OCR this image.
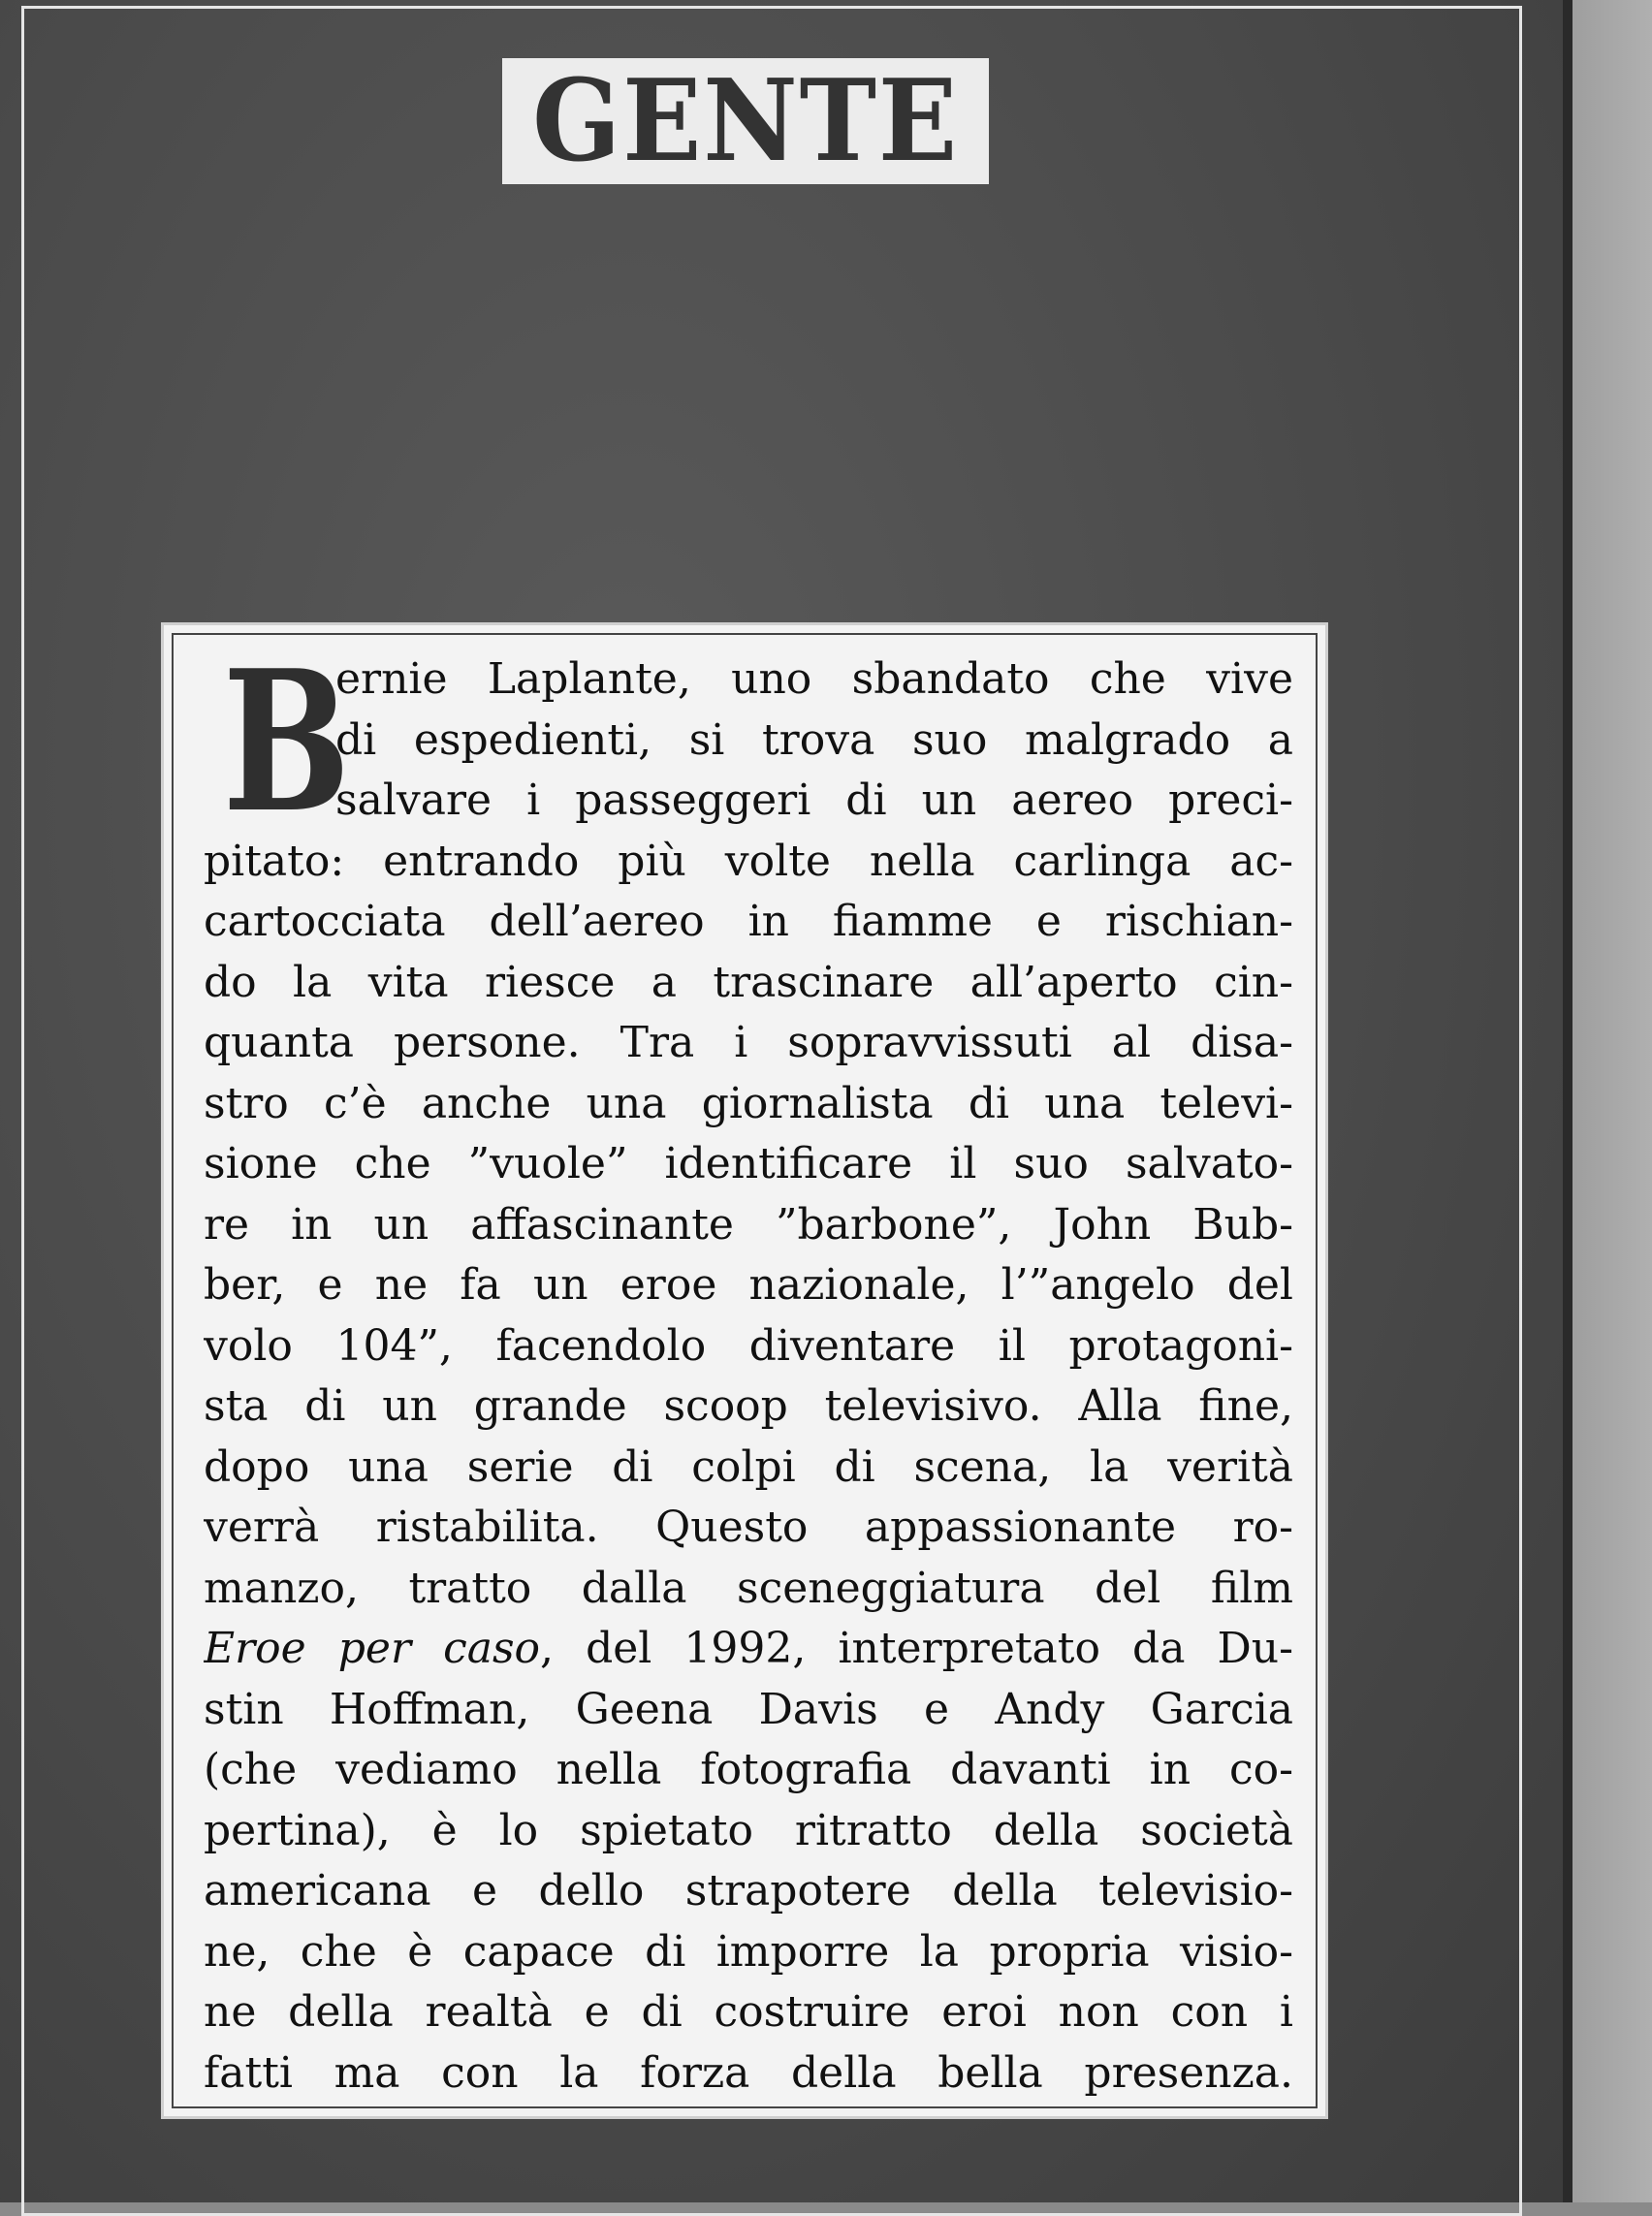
GENTE
ernie Laplante, uno sbandato che vive
di espedienti, si trova suo malgrado a
salvare i passeggeri di un aereo preci-
pitato: entrando più volte nella carlinga ac-
cartocciata dell’aereo in fiamme e rischian-
do la vita riesce a trascinare all’aperto cin-
quanta persone. Tra i sopravvissuti al disa-
stro c’è anche una giornalista di una televi-
sione che ”vuole” identificare il suo salvato-
re in un affascinante ”barbone”, John Bub-
ber, e ne fa un eroe nazionale, l’”angelo del
volo 104”, facendolo diventare il protagoni-
sta di un grande scoop televisivo. Alla fine,
dopo una serie di colpi di scena, la verità
verrà ristabilita. Questo appassionante ro-
manzo, tratto dalla sceneggiatura del film
Eroe per caso, del 1992, interpretato da Du-
stin Hoffman, Geena Davis e Andy Garcia
(che vediamo nella fotografia davanti in co-
pertina), è lo spietato ritratto della società
americana e dello strapotere della televisio-
ne, che è capace di imporre la propria visio-
ne della realtà e di costruire eroi non con i
fatti ma con la forza della bella presenza.
B
